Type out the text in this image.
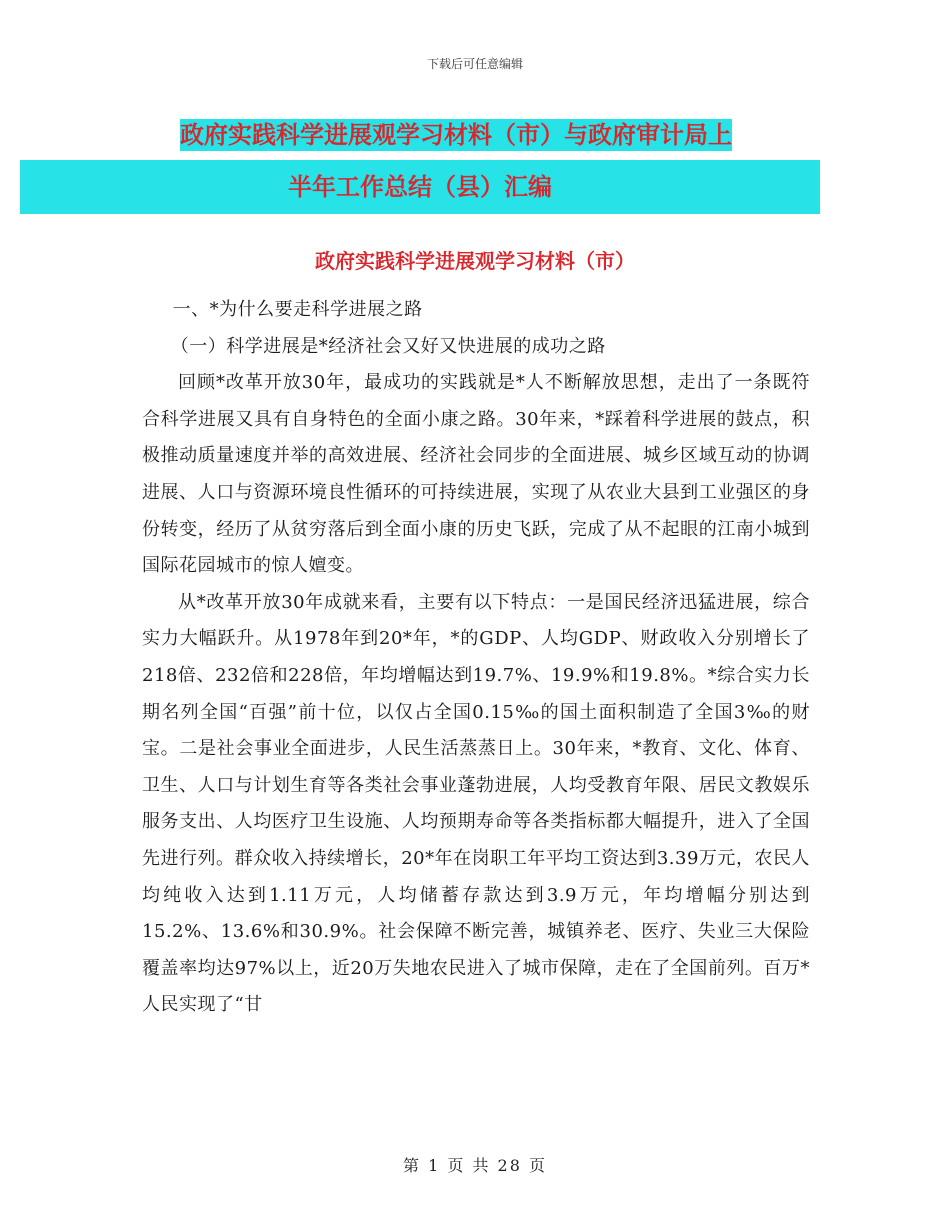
下载后可任意编辑
政府实践科学进展观学习材料（市）与政府审计局上
半年工作总结（县）汇编
政府实践科学进展观学习材料（市）

一、*为什么要走科学进展之路

（一）科学进展是*经济社会又好又快进展的成功之路

回顾*改革开放30年，最成功的实践就是*人不断解放思想，走出了一条既符合科学进展又具有自身特色的全面小康之路。30年来，*踩着科学进展的鼓点，积极推动质量速度并举的高效进展、经济社会同步的全面进展、城乡区域互动的协调进展、人口与资源环境良性循环的可持续进展，实现了从农业大县到工业强区的身份转变，经历了从贫穷落后到全面小康的历史飞跃，完成了从不起眼的江南小城到国际花园城市的惊人嬗变。

从*改革开放30年成就来看，主要有以下特点：一是国民经济迅猛进展，综合实力大幅跃升。从1978年到20*年，*的GDP、人均GDP、财政收入分别增长了218倍、232倍和228倍，年均增幅达到19.7%、19.9%和19.8%。*综合实力长期名列全国“百强”前十位，以仅占全国0.15‰的国土面积制造了全国3‰的财宝。二是社会事业全面进步，人民生活蒸蒸日上。30年来，*教育、文化、体育、卫生、人口与计划生育等各类社会事业蓬勃进展，人均受教育年限、居民文教娱乐服务支出、人均医疗卫生设施、人均预期寿命等各类指标都大幅提升，进入了全国先进行列。群众收入持续增长，20*年在岗职工年平均工资达到3.39万元，农民人均纯收入达到1.11万元，人均储蓄存款达到3.9万元，年均增幅分别达到15.2%、13.6%和30.9%。社会保障不断完善，城镇养老、医疗、失业三大保险覆盖率均达97%以上，近20万失地农民进入了城市保障，走在了全国前列。百万*人民实现了“甘

第 1 页 共 28 页
